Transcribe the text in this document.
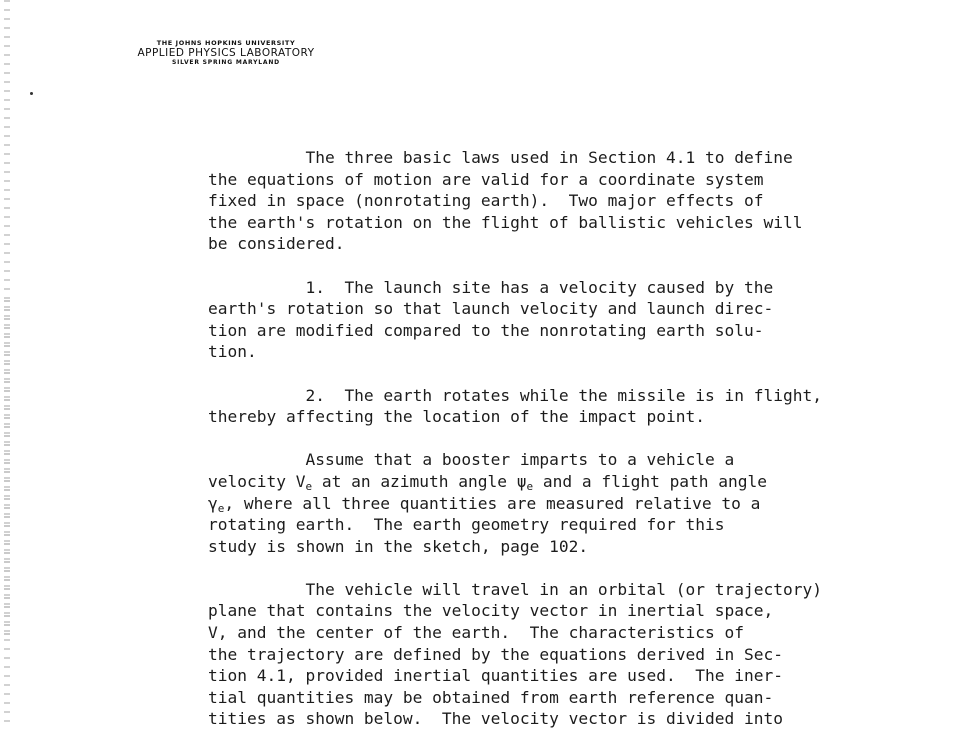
THE JOHNS HOPKINS UNIVERSITY
APPLIED PHYSICS LABORATORY
SILVER SPRING MARYLAND

The three basic laws used in Section 4.1 to define
the equations of motion are valid for a coordinate system
fixed in space (nonrotating earth).  Two major effects of
the earth's rotation on the flight of ballistic vehicles will
be considered.

1.  The launch site has a velocity caused by the
earth's rotation so that launch velocity and launch direc-
tion are modified compared to the nonrotating earth solu-
tion.

2.  The earth rotates while the missile is in flight,
thereby affecting the location of the impact point.

Assume that a booster imparts to a vehicle a
velocity $V_e$ at an azimuth angle $\psi_e$ and a flight path angle
$\gamma_e$, where all three quantities are measured relative to a
rotating earth.  The earth geometry required for this
study is shown in the sketch, page 102.

The vehicle will travel in an orbital (or trajectory)
plane that contains the velocity vector in inertial space,
V, and the center of the earth.  The characteristics of
the trajectory are defined by the equations derived in Sec-
tion 4.1, provided inertial quantities are used.  The iner-
tial quantities may be obtained from earth reference quan-
tities as shown below.  The velocity vector is divided into
